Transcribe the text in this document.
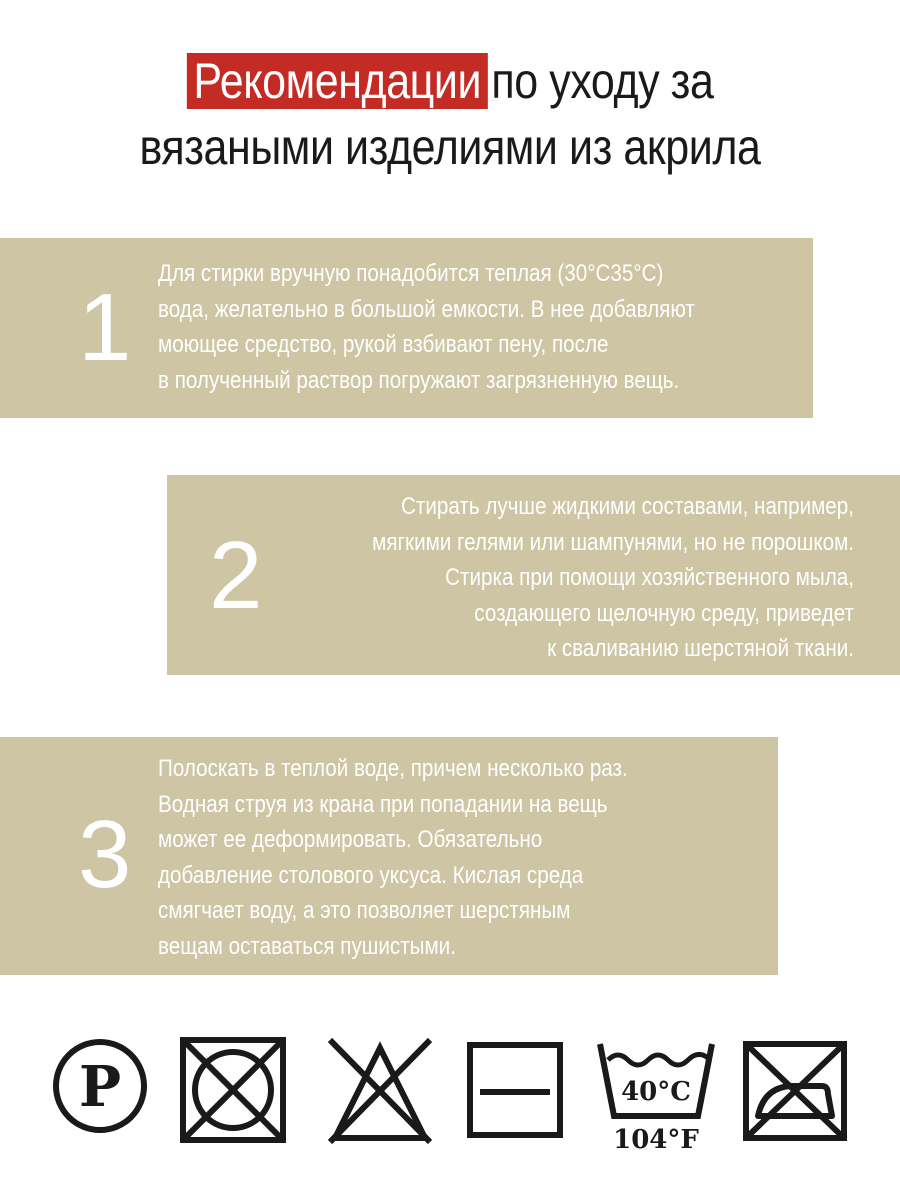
Рекомендации по уходу за
вязаными изделиями из акрила
1
Для стирки вручную понадобится теплая (30°С35°С)
вода, желательно в большой емкости. В нее добавляют
моющее средство, рукой взбивают пену, после
в полученный раствор погружают загрязненную вещь.
2
Стирать лучше жидкими составами, например,
мягкими гелями или шампунями, но не порошком.
Стирка при помощи хозяйственного мыла,
создающего щелочную среду, приведет
к сваливанию шерстяной ткани.
3
Полоскать в теплой воде, причем несколько раз.
Водная струя из крана при попадании на вещь
может ее деформировать. Обязательно
добавление столового уксуса. Кислая среда
смягчает воду, а это позволяет шерстяным
вещам оставаться пушистыми.
P	40°C
104°F
